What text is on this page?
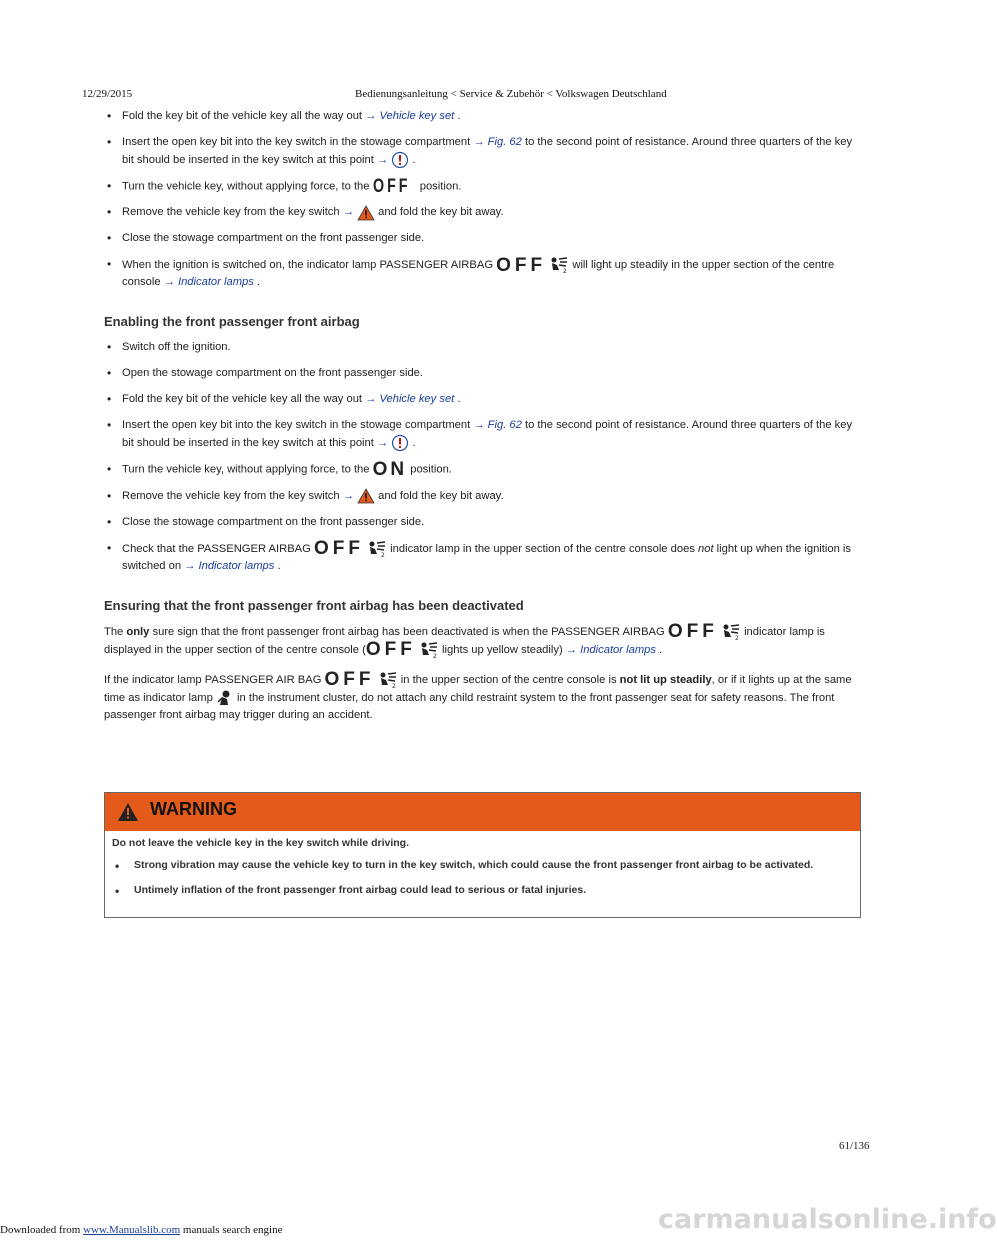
12/29/2015	Bedienungsanleitung < Service & Zubehör < Volkswagen Deutschland
• Fold the key bit of the vehicle key all the way out → Vehicle key set .
• Insert the open key bit into the key switch in the stowage compartment → Fig. 62 to the second point of resistance. Around three quarters of the key bit should be inserted in the key switch at this point →  .
• Turn the vehicle key, without applying force, to the OFF position.
• Remove the vehicle key from the key switch → and fold the key bit away.
• Close the stowage compartment on the front passenger side.
• When the ignition is switched on, the indicator lamp PASSENGER AIRBAG OFF	2
will light up steadily in the upper section of the centre console → Indicator lamps .
Enabling the front passenger front airbag
• Switch off the ignition.
• Open the stowage compartment on the front passenger side.
• Fold the key bit of the vehicle key all the way out → Vehicle key set .
• Insert the open key bit into the key switch in the stowage compartment → Fig. 62 to the second point of resistance. Around three quarters of the key bit should be inserted in the key switch at this point →  .
• Turn the vehicle key, without applying force, to the ON position.
• Remove the vehicle key from the key switch → and fold the key bit away.
• Close the stowage compartment on the front passenger side.
• Check that the PASSENGER AIRBAG OFF	2
indicator lamp in the upper section of the centre console does not light up when the ignition is switched on → Indicator lamps .
Ensuring that the front passenger front airbag has been deactivated

The only sure sign that the front passenger front airbag has been deactivated is when the PASSENGER AIRBAG OFF	2
indicator lamp is displayed in the upper section of the centre console (OFF	2
lights up yellow steadily) → Indicator lamps .

If the indicator lamp PASSENGER AIR BAG OFF	2
in the upper section of the centre console is not lit up steadily, or if it lights up at the same time as indicator lamp in the instrument cluster, do not attach any child restraint system to the front passenger seat for safety reasons. The front passenger front airbag may trigger during an accident.

WARNING

Do not leave the vehicle key in the key switch while driving.

• Strong vibration may cause the vehicle key to turn in the key switch, which could cause the front passenger front airbag to be activated.
• Untimely inflation of the front passenger front airbag could lead to serious or fatal injuries.
61/136
carmanualsonline.info
Downloaded from www.Manualslib.com manuals search engine
